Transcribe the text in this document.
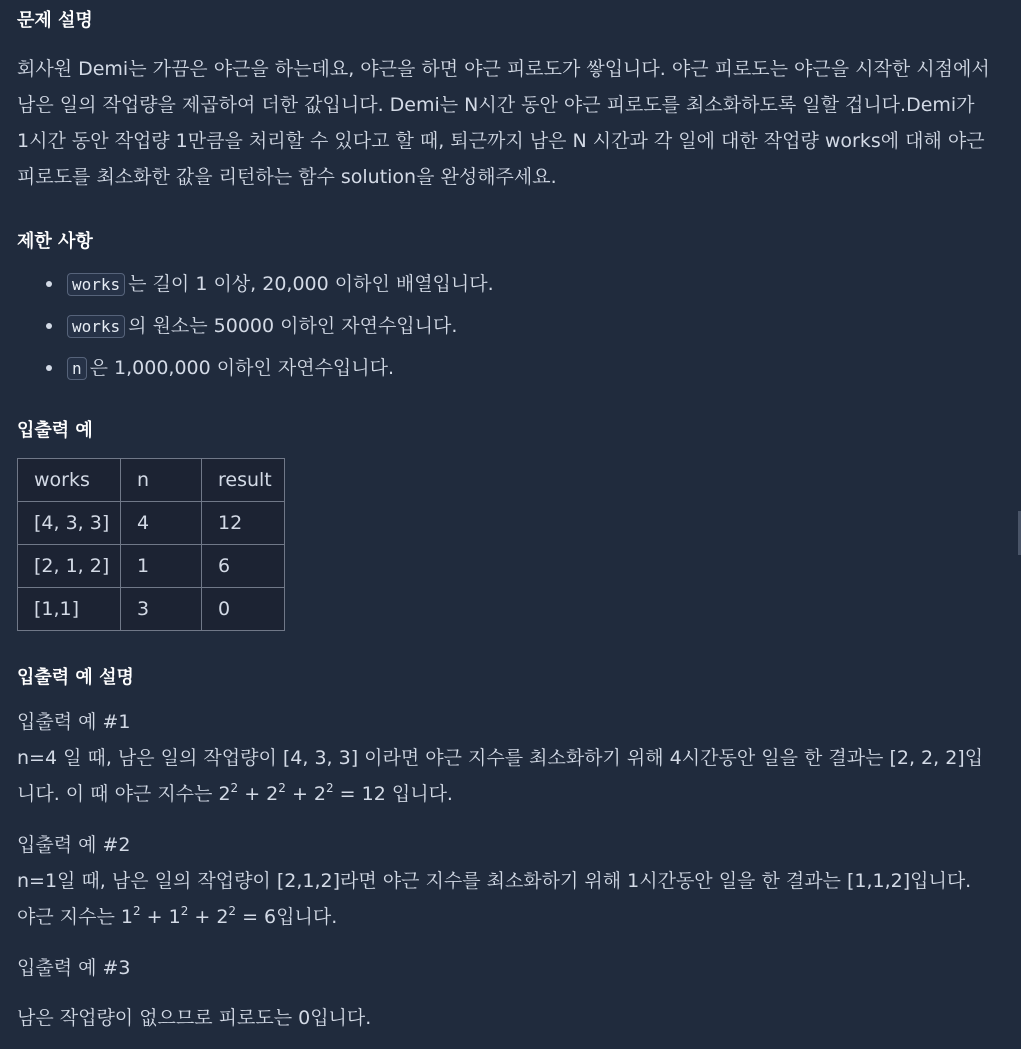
문제 설명

회사원 Demi는 가끔은 야근을 하는데요, 야근을 하면 야근 피로도가 쌓입니다. 야근 피로도는 야근을 시작한 시점에서 남은 일의 작업량을 제곱하여 더한 값입니다. Demi는 N시간 동안 야근 피로도를 최소화하도록 일할 겁니다.Demi가 1시간 동안 작업량 1만큼을 처리할 수 있다고 할 때, 퇴근까지 남은 N 시간과 각 일에 대한 작업량 works에 대해 야근 피로도를 최소화한 값을 리턴하는 함수 solution을 완성해주세요.

제한 사항
works 는 길이 1 이상, 20,000 이하인 배열입니다.
works 의 원소는 50000 이하인 자연수입니다.
n 은 1,000,000 이하인 자연수입니다.
입출력 예
works	n	result
[4, 3, 3]	4	12
[2, 1, 2]	1	6
[1,1]	3	0
입출력 예 설명

입출력 예 #1

n=4 일 때, 남은 일의 작업량이 [4, 3, 3] 이라면 야근 지수를 최소화하기 위해 4시간동안 일을 한 결과는 [2, 2, 2]입니다. 이 때 야근 지수는 $2^2 + 2^2 + 2^2 = 12$ 입니다.

입출력 예 #2

n=1일 때, 남은 일의 작업량이 [2,1,2]라면 야근 지수를 최소화하기 위해 1시간동안 일을 한 결과는 [1,1,2]입니다. 야근 지수는 $1^2 + 1^2 + 2^2 = 6$입니다.

입출력 예 #3

남은 작업량이 없으므로 피로도는 0입니다.
